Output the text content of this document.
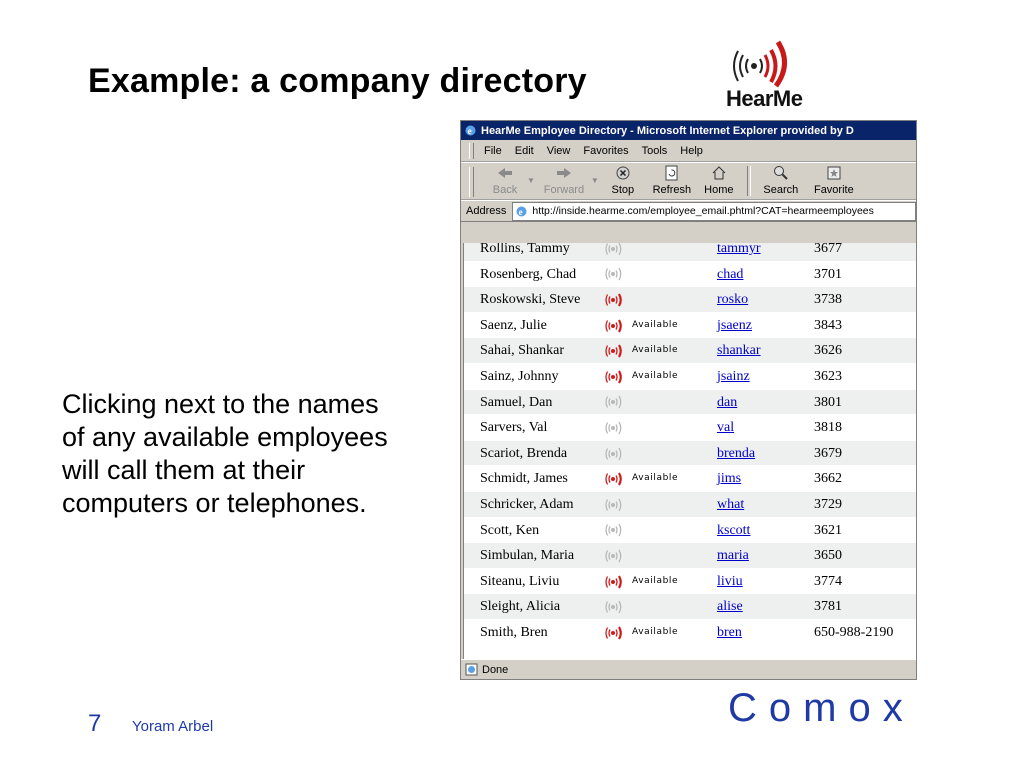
Example: a company directory	HearMe

Clicking next to the names of any available employees will call them at their computers or telephones.

e HearMe Employee Directory - Microsoft Internet Explorer provided by D
File Edit View Favorites Tools Help
Back
▼
Forward
▼
Stop Refresh Home	Search Favorite
Address e http://inside.hearme.com/employee_email.phtml?CAT=hearmeemployees
Rollins, Tammy	tammyr	3677
Rosenberg, Chad	chad	3701
Roskowski, Steve	rosko	3738
Saenz, Julie	Available	jsaenz	3843
Sahai, Shankar	Available	shankar	3626
Sainz, Johnny	Available	jsainz	3623
Samuel, Dan	dan	3801
Sarvers, Val	val	3818
Scariot, Brenda	brenda	3679
Schmidt, James	Available	jims	3662
Schricker, Adam	what	3729
Scott, Ken	kscott	3621
Simbulan, Maria	maria	3650
Siteanu, Liviu	Available	liviu	3774
Sleight, Alicia	alise	3781
Smith, Bren	Available	bren	650-988-2190
Done
7 Yoram Arbel	Comox
